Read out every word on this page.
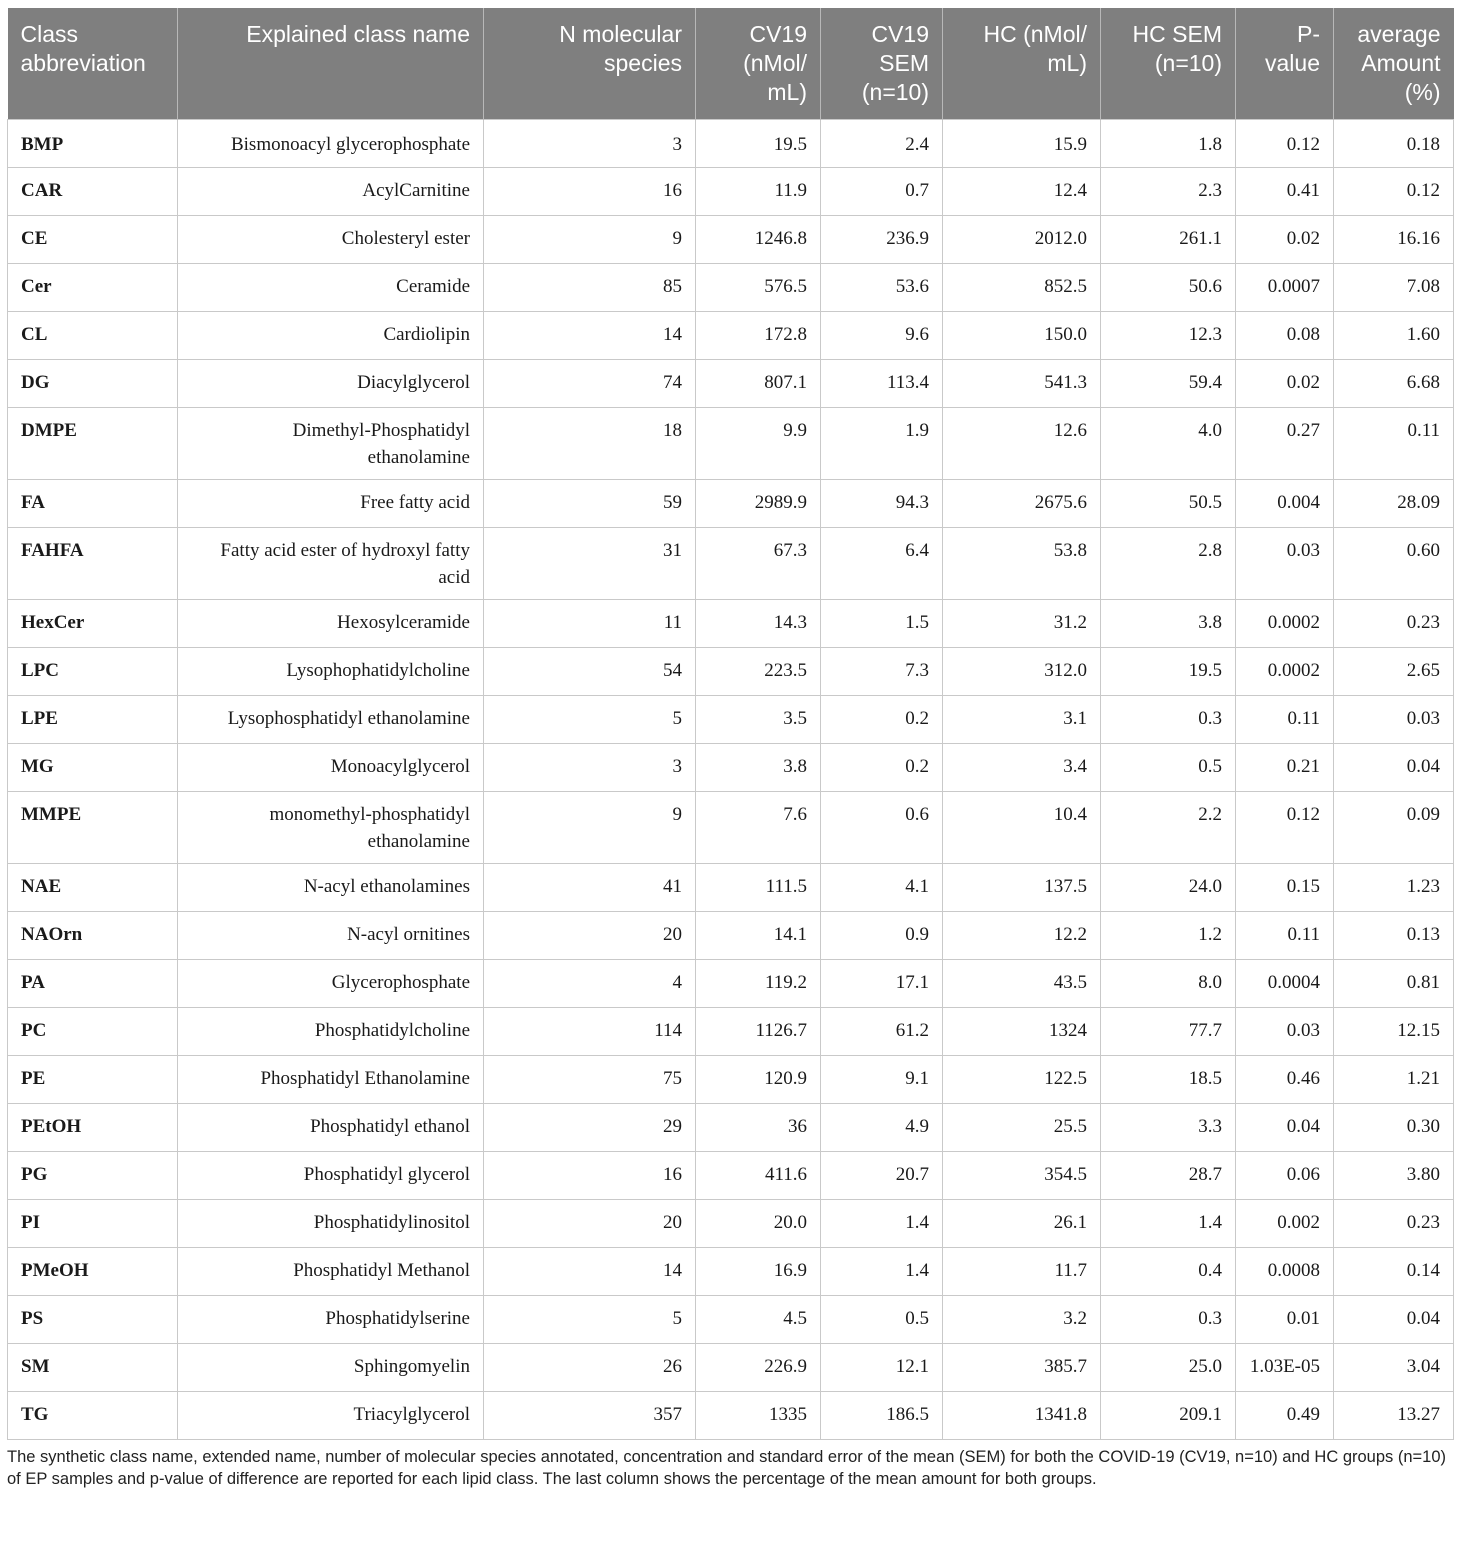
Class abbreviation	Explained class name	N molecular species	CV19 (nMol/ mL)	CV19 SEM (n=10)	HC (nMol/ mL)	HC SEM (n=10)	P-value	average Amount (%)
BMP	Bismonoacyl glycerophosphate	3	19.5	2.4	15.9	1.8	0.12	0.18
CAR	AcylCarnitine	16	11.9	0.7	12.4	2.3	0.41	0.12
CE	Cholesteryl ester	9	1246.8	236.9	2012.0	261.1	0.02	16.16
Cer	Ceramide	85	576.5	53.6	852.5	50.6	0.0007	7.08
CL	Cardiolipin	14	172.8	9.6	150.0	12.3	0.08	1.60
DG	Diacylglycerol	74	807.1	113.4	541.3	59.4	0.02	6.68
DMPE	Dimethyl-Phosphatidyl ethanolamine	18	9.9	1.9	12.6	4.0	0.27	0.11
FA	Free fatty acid	59	2989.9	94.3	2675.6	50.5	0.004	28.09
FAHFA	Fatty acid ester of hydroxyl fatty acid	31	67.3	6.4	53.8	2.8	0.03	0.60
HexCer	Hexosylceramide	11	14.3	1.5	31.2	3.8	0.0002	0.23
LPC	Lysophophatidylcholine	54	223.5	7.3	312.0	19.5	0.0002	2.65
LPE	Lysophosphatidyl ethanolamine	5	3.5	0.2	3.1	0.3	0.11	0.03
MG	Monoacylglycerol	3	3.8	0.2	3.4	0.5	0.21	0.04
MMPE	monomethyl-phosphatidyl ethanolamine	9	7.6	0.6	10.4	2.2	0.12	0.09
NAE	N-acyl ethanolamines	41	111.5	4.1	137.5	24.0	0.15	1.23
NAOrn	N-acyl ornitines	20	14.1	0.9	12.2	1.2	0.11	0.13
PA	Glycerophosphate	4	119.2	17.1	43.5	8.0	0.0004	0.81
PC	Phosphatidylcholine	114	1126.7	61.2	1324	77.7	0.03	12.15
PE	Phosphatidyl Ethanolamine	75	120.9	9.1	122.5	18.5	0.46	1.21
PEtOH	Phosphatidyl ethanol	29	36	4.9	25.5	3.3	0.04	0.30
PG	Phosphatidyl glycerol	16	411.6	20.7	354.5	28.7	0.06	3.80
PI	Phosphatidylinositol	20	20.0	1.4	26.1	1.4	0.002	0.23
PMeOH	Phosphatidyl Methanol	14	16.9	1.4	11.7	0.4	0.0008	0.14
PS	Phosphatidylserine	5	4.5	0.5	3.2	0.3	0.01	0.04
SM	Sphingomyelin	26	226.9	12.1	385.7	25.0	1.03E-05	3.04
TG	Triacylglycerol	357	1335	186.5	1341.8	209.1	0.49	13.27

The synthetic class name, extended name, number of molecular species annotated, concentration and standard error of the mean (SEM) for both the COVID-19 (CV19, n=10) and HC groups (n=10) of EP samples and p-value of difference are reported for each lipid class. The last column shows the percentage of the mean amount for both groups.
